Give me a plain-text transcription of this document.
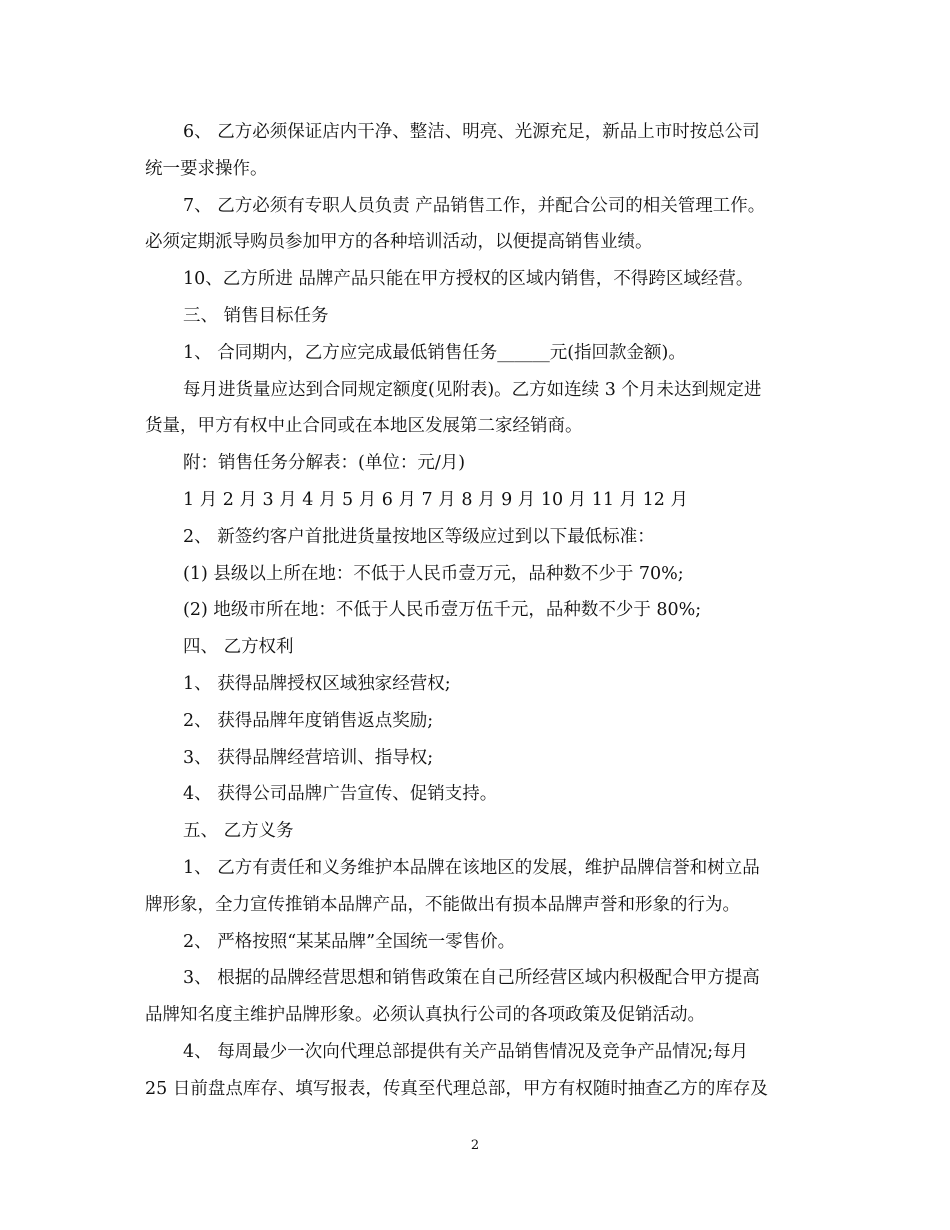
6、 乙方必须保证店内干净、整洁、明亮、光源充足，新品上市时按总公司
统一要求操作。
7、 乙方必须有专职人员负责 产品销售工作，并配合公司的相关管理工作。
必须定期派导购员参加甲方的各种培训活动，以便提高销售业绩。
10、乙方所进 品牌产品只能在甲方授权的区域内销售，不得跨区域经营。
三、 销售目标任务
1、 合同期内，乙方应完成最低销售任务______元(指回款金额)。
每月进货量应达到合同规定额度(见附表)。乙方如连续 3 个月未达到规定进
货量，甲方有权中止合同或在本地区发展第二家经销商。
附：销售任务分解表：(单位：元/月)
1 月 2 月 3 月 4 月 5 月 6 月 7 月 8 月 9 月 10 月 11 月 12 月
2、 新签约客户首批进货量按地区等级应过到以下最低标准：
(1) 县级以上所在地：不低于人民币壹万元，品种数不少于 70%;
(2) 地级市所在地：不低于人民币壹万伍千元，品种数不少于 80%;
四、 乙方权利
1、 获得品牌授权区域独家经营权;
2、 获得品牌年度销售返点奖励;
3、 获得品牌经营培训、指导权;
4、 获得公司品牌广告宣传、促销支持。
五、 乙方义务
1、 乙方有责任和义务维护本品牌在该地区的发展，维护品牌信誉和树立品
牌形象，全力宣传推销本品牌产品，不能做出有损本品牌声誉和形象的行为。
2、 严格按照“某某品牌”全国统一零售价。
3、 根据的品牌经营思想和销售政策在自己所经营区域内积极配合甲方提高
品牌知名度主维护品牌形象。必须认真执行公司的各项政策及促销活动。
4、 每周最少一次向代理总部提供有关产品销售情况及竞争产品情况;每月
25 日前盘点库存、填写报表，传真至代理总部，甲方有权随时抽查乙方的库存及
2
